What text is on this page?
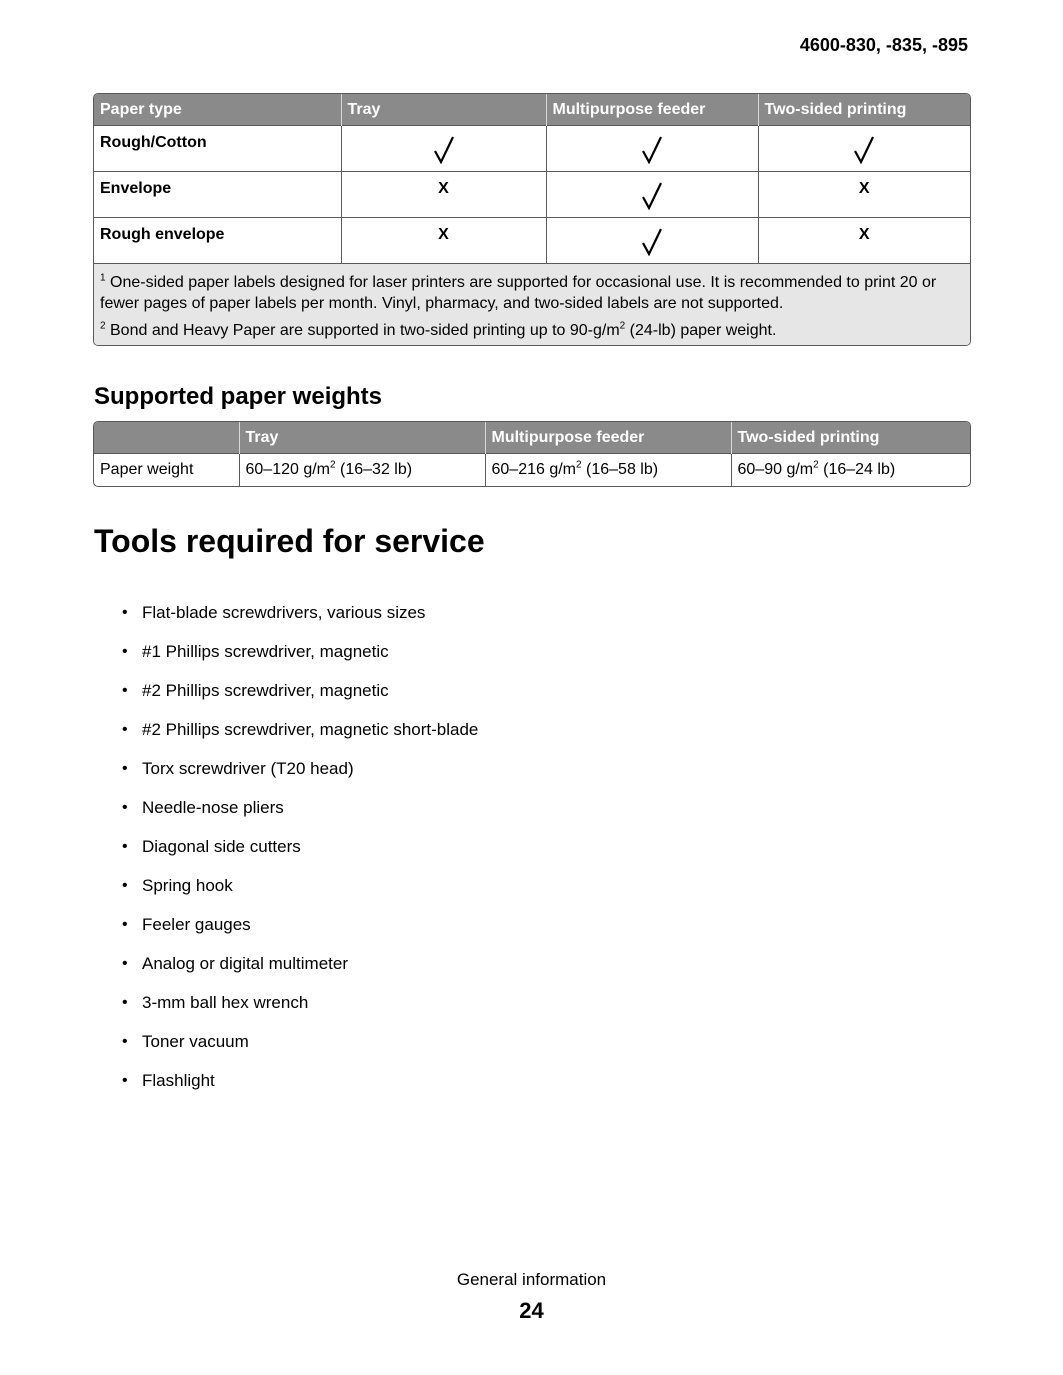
4600-830, -835, -895
Paper type	Tray	Multipurpose feeder	Two-sided printing
Rough/Cotton	

Envelope	X		X

Rough envelope	X		X

$^1$ One-sided paper labels designed for laser printers are supported for occasional use. It is recommended to print 20 or fewer pages of paper labels per month. Vinyl, pharmacy, and two-sided labels are not supported.

$^2$ Bond and Heavy Paper are supported in two-sided printing up to $90-g/m^2$ (24-lb) paper weight.			

Supported paper weights
	Tray	Multipurpose feeder	Two-sided printing
Paper weight	60–120 $g/m^2$ (16–32 lb)	60–216 $g/m^2$ (16–58 lb)	60–90 $g/m^2$ (16–24 lb)
Tools required for service
• Flat-blade screwdrivers, various sizes
• #1 Phillips screwdriver, magnetic
• #2 Phillips screwdriver, magnetic
• #2 Phillips screwdriver, magnetic short-blade
• Torx screwdriver (T20 head)
• Needle-nose pliers
• Diagonal side cutters
• Spring hook
• Feeler gauges
• Analog or digital multimeter
• 3-mm ball hex wrench
• Toner vacuum
• Flashlight
General information
24
